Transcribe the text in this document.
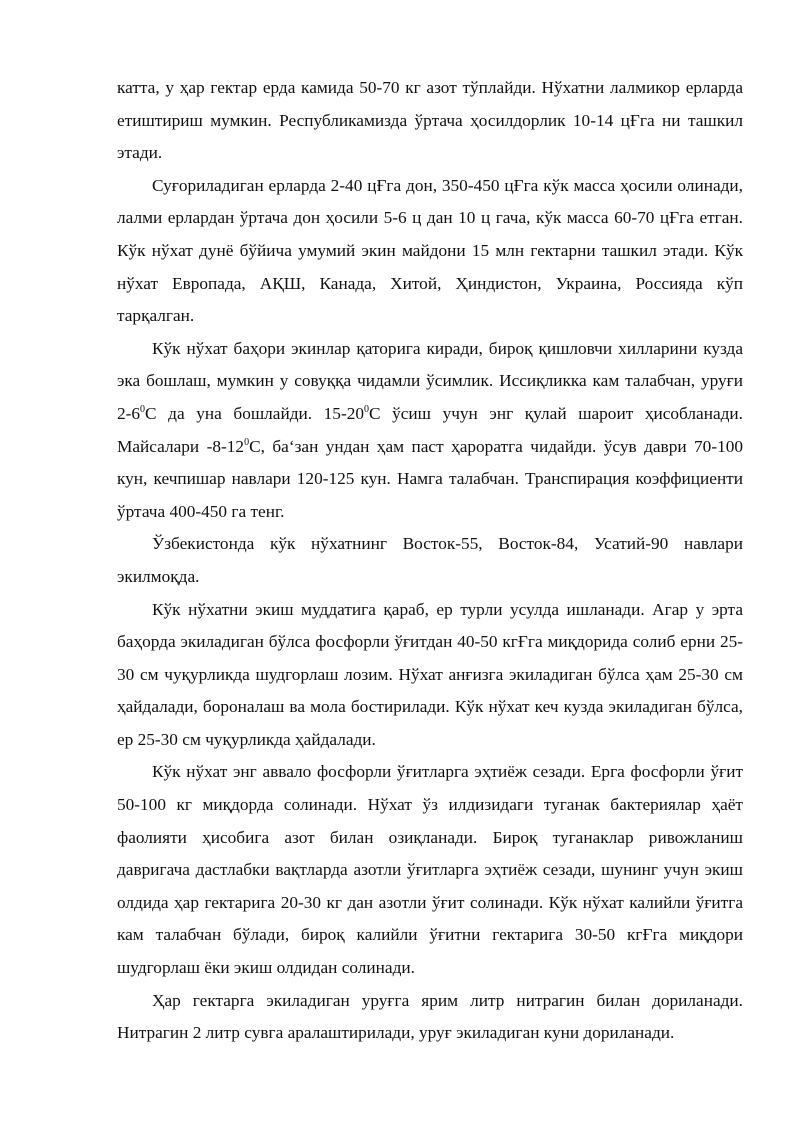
катта, у ҳар гектар ерда камида 50-70 кг азот тўплайди. Нўхатни лалмикор ерларда етиштириш мумкин. Республикамизда ўртача ҳосилдорлик 10-14 цҒга ни ташкил этади.

Суғориладиган ерларда 2-40 цҒга дон, 350-450 цҒга кўк масса ҳосили олинади, лалми ерлардан ўртача дон ҳосили 5-6 ц дан 10 ц гача, кўк масса 60-70 цҒга етган. Кўк нўхат дунё бўйича умумий экин майдони 15 млн гектарни ташкил этади. Кўк нўхат Европада, АҚШ, Канада, Хитой, Ҳиндистон, Украина, Россияда кўп тарқалган.

Кўк нўхат баҳори экинлар қаторига киради, бироқ қишловчи хилларини кузда эка бошлаш, мумкин у совуққа чидамли ўсимлик. Иссиқликка кам талабчан, уруғи $2-6^0С$ да уна бошлайди. $15-20^0С$ ўсиш учун энг қулай шароит ҳисобланади. Майсалари $-8-12^0С$, ба‘зан ундан ҳам паст ҳароратга чидайди. ўсув даври 70-100 кун, кечпишар навлари 120-125 кун. Намга талабчан. Транспирация коэффициенти ўртача 400-450 га тенг.

Ўзбекистонда кўк нўхатнинг Восток-55, Восток-84, Усатий-90 навлари экилмоқда.

Кўк нўхатни экиш муддатига қараб, ер турли усулда ишланади. Агар у эрта баҳорда экиладиган бўлса фосфорли ўғитдан 40-50 кгҒга миқдорида солиб ерни 25-30 см чуқурликда шудгорлаш лозим. Нўхат анғизга экиладиган бўлса ҳам 25-30 см ҳайдалади, бороналаш ва мола бостирилади. Кўк нўхат кеч кузда экиладиган бўлса, ер 25-30 см чуқурликда ҳайдалади.

Кўк нўхат энг аввало фосфорли ўғитларга эҳтиёж сезади. Ерга фосфорли ўғит 50-100 кг миқдорда солинади. Нўхат ўз илдизидаги туганак бактериялар ҳаёт фаолияти ҳисобига азот билан озиқланади. Бироқ туганаклар ривожланиш давригача дастлабки вақтларда азотли ўғитларга эҳтиёж сезади, шунинг учун экиш олдида ҳар гектарига 20-30 кг дан азотли ўғит солинади. Кўк нўхат калийли ўғитга кам талабчан бўлади, бироқ калийли ўғитни гектарига 30-50 кгҒга миқдори шудгорлаш ёки экиш олдидан солинади.

Ҳар гектарга экиладиган уруғга ярим литр нитрагин билан дориланади. Нитрагин 2 литр сувга аралаштирилади, уруғ экиладиган куни дориланади.
